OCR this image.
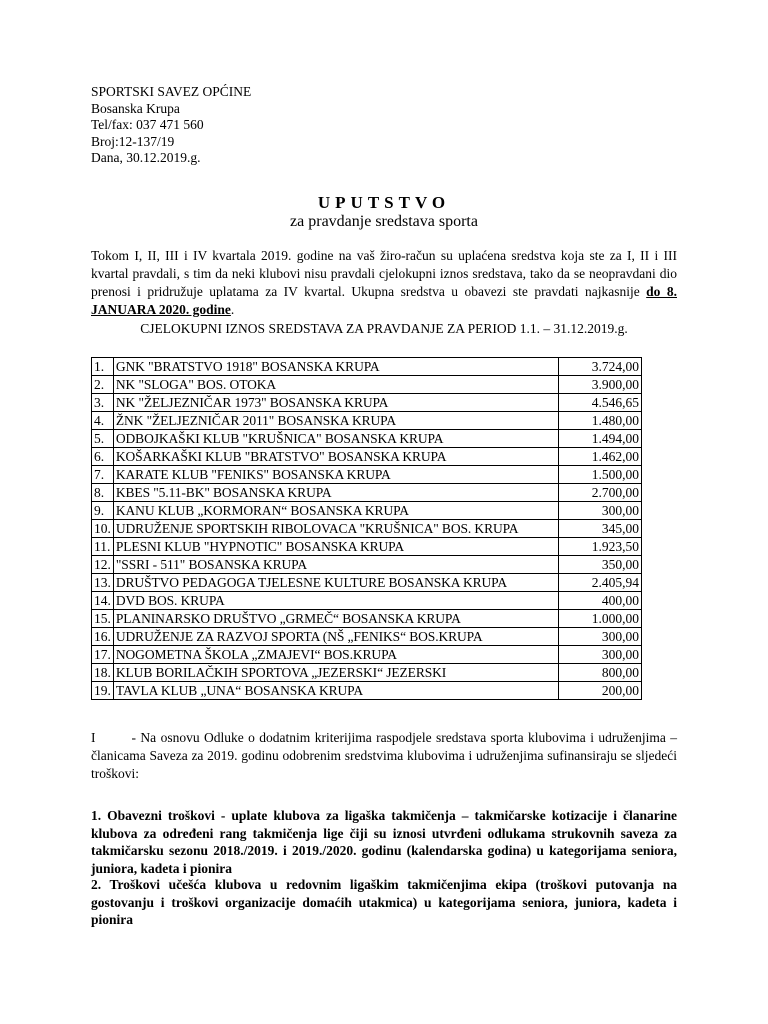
SPORTSKI SAVEZ OPĆINE
Bosanska Krupa
Tel/fax: 037 471 560
Broj:12-137/19
Dana, 30.12.2019.g.
UPUTSTVO
za pravdanje sredstava sporta
Tokom I, II, III i IV kvartala 2019. godine na vaš žiro-račun su uplaćena sredstva koja ste za I, II i III kvartal pravdali, s tim da neki klubovi nisu pravdali cjelokupni iznos sredstava, tako da se neopravdani dio prenosi i pridružuje uplatama za IV kvartal. Ukupna sredstva u obavezi ste pravdati najkasnije do 8. JANUARA 2020. godine.
CJELOKUPNI IZNOS SREDSTAVA ZA PRAVDANJE ZA PERIOD 1.1. – 31.12.2019.g.
1.	GNK "BRATSTVO 1918" BOSANSKA KRUPA	3.724,00
2.	NK "SLOGA" BOS. OTOKA	3.900,00
3.	NK "ŽELJEZNIČAR 1973" BOSANSKA KRUPA	4.546,65
4.	ŽNK "ŽELJEZNIČAR 2011" BOSANSKA KRUPA	1.480,00
5.	ODBOJKAŠKI KLUB "KRUŠNICA" BOSANSKA KRUPA	1.494,00
6.	KOŠARKAŠKI KLUB "BRATSTVO" BOSANSKA KRUPA	1.462,00
7.	KARATE KLUB "FENIKS" BOSANSKA KRUPA	1.500,00
8.	KBES "5.11-BK" BOSANSKA KRUPA	2.700,00
9.	KANU KLUB „KORMORAN“ BOSANSKA KRUPA	300,00
10.	UDRUŽENJE SPORTSKIH RIBOLOVACA "KRUŠNICA" BOS. KRUPA	345,00
11.	PLESNI KLUB "HYPNOTIC" BOSANSKA KRUPA	1.923,50
12.	"SSRI - 511" BOSANSKA KRUPA	350,00
13.	DRUŠTVO PEDAGOGA TJELESNE KULTURE BOSANSKA KRUPA	2.405,94
14.	DVD BOS. KRUPA	400,00
15.	PLANINARSKO DRUŠTVO „GRMEČ“ BOSANSKA KRUPA	1.000,00
16.	UDRUŽENJE ZA RAZVOJ SPORTA (NŠ „FENIKS“ BOS.KRUPA	300,00
17.	NOGOMETNA ŠKOLA „ZMAJEVI“ BOS.KRUPA	300,00
18.	KLUB BORILAČKIH SPORTOVA „JEZERSKI“ JEZERSKI	800,00
19.	TAVLA KLUB „UNA“ BOSANSKA KRUPA	200,00
I	- Na osnovu Odluke o dodatnim kriterijima raspodjele sredstava sporta klubovima i udruženjima – članicama Saveza za 2019. godinu odobrenim sredstvima klubovima i udruženjima sufinansiraju se sljedeći troškovi:
1. Obavezni troškovi - uplate klubova za ligaška takmičenja – takmičarske kotizacije i članarine klubova za određeni rang takmičenja lige čiji su iznosi utvrđeni odlukama strukovnih saveza za takmičarsku sezonu 2018./2019. i 2019./2020. godinu (kalendarska godina) u kategorijama seniora, juniora, kadeta i pionira
2. Troškovi učešća klubova u redovnim ligaškim takmičenjima ekipa (troškovi putovanja na gostovanju i troškovi organizacije domaćih utakmica) u kategorijama seniora, juniora, kadeta i pionira
